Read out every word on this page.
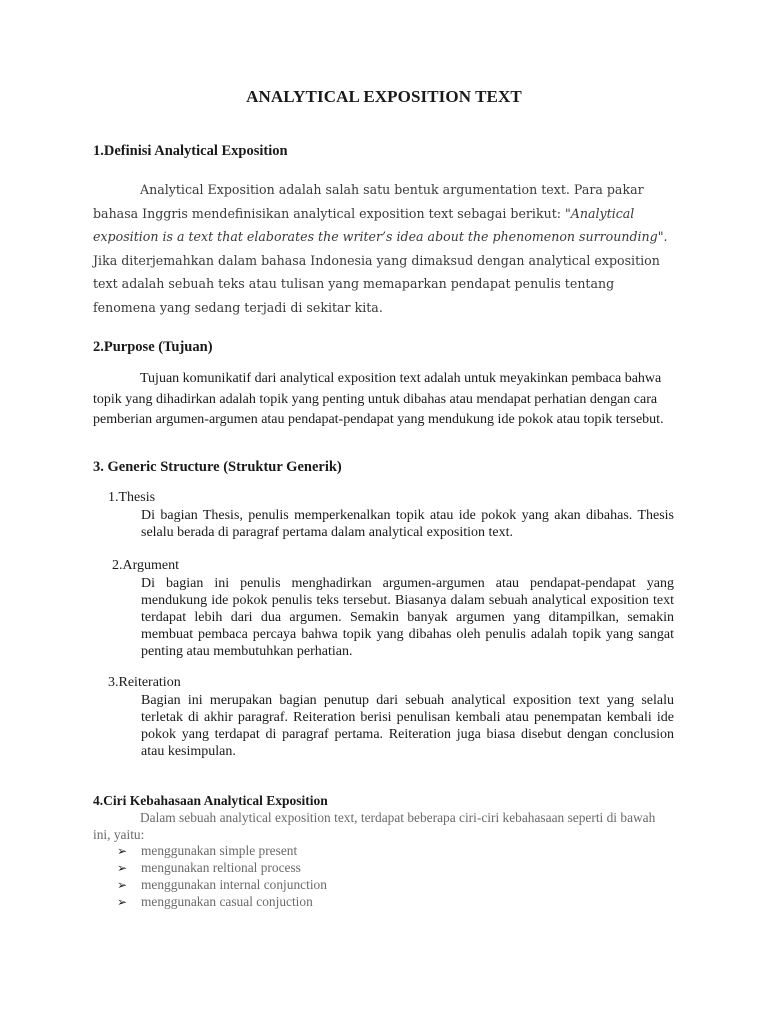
ANALYTICAL EXPOSITION TEXT
1.Definisi Analytical Exposition
Analytical Exposition adalah salah satu bentuk argumentation text. Para pakar bahasa Inggris mendefinisikan analytical exposition text sebagai berikut: "Analytical exposition is a text that elaborates the writer’s idea about the phenomenon surrounding". Jika diterjemahkan dalam bahasa Indonesia yang dimaksud dengan analytical exposition text adalah sebuah teks atau tulisan yang memaparkan pendapat penulis tentang fenomena yang sedang terjadi di sekitar kita.
2.Purpose (Tujuan)
Tujuan komunikatif dari analytical exposition text adalah untuk meyakinkan pembaca bahwa topik yang dihadirkan adalah topik yang penting untuk dibahas atau mendapat perhatian dengan cara pemberian argumen-argumen atau pendapat-pendapat yang mendukung ide pokok atau topik tersebut.
3. Generic Structure (Struktur Generik)
1.Thesis
Di bagian Thesis, penulis memperkenalkan topik atau ide pokok yang akan dibahas. Thesis selalu berada di paragraf pertama dalam analytical exposition text.
2.Argument
Di bagian ini penulis menghadirkan argumen-argumen atau pendapat-pendapat yang mendukung ide pokok penulis teks tersebut. Biasanya dalam sebuah analytical exposition text terdapat lebih dari dua argumen. Semakin banyak argumen yang ditampilkan, semakin membuat pembaca percaya bahwa topik yang dibahas oleh penulis adalah topik yang sangat penting atau membutuhkan perhatian.
3.Reiteration
Bagian ini merupakan bagian penutup dari sebuah analytical exposition text yang selalu terletak di akhir paragraf. Reiteration berisi penulisan kembali atau penempatan kembali ide pokok yang terdapat di paragraf pertama. Reiteration juga biasa disebut dengan conclusion atau kesimpulan.
4.Ciri Kebahasaan Analytical Exposition
Dalam sebuah analytical exposition text, terdapat beberapa ciri-ciri kebahasaan seperti di bawah ini, yaitu:
➢ menggunakan simple present
➢ mengunakan reltional process
➢ menggunakan internal conjunction
➢ menggunakan casual conjuction
